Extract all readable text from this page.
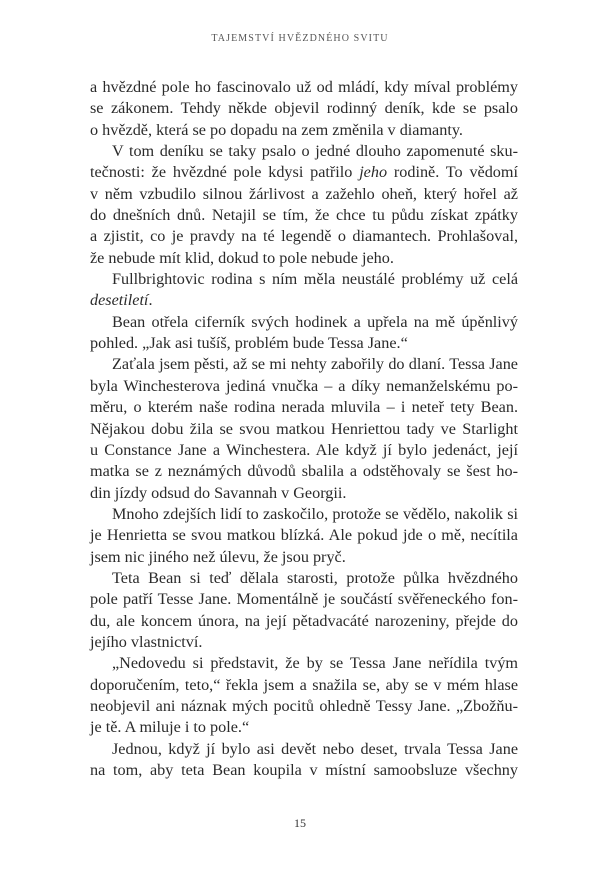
TAJEMSTVÍ HVĚZDNÉHO SVITU
a hvězdné pole ho fascinovalo už od mládí, kdy míval problémy
se zákonem. Tehdy někde objevil rodinný deník, kde se psalo
o hvězdě, která se po dopadu na zem změnila v diamanty.
V tom deníku se taky psalo o jedné dlouho zapomenuté sku-
tečnosti: že hvězdné pole kdysi patřilo jeho rodině. To vědomí
v něm vzbudilo silnou žárlivost a zažehlo oheň, který hořel až
do dnešních dnů. Netajil se tím, že chce tu půdu získat zpátky
a zjistit, co je pravdy na té legendě o diamantech. Prohlašoval,
že nebude mít klid, dokud to pole nebude jeho.
Fullbrightovic rodina s ním měla neustálé problémy už celá
desetiletí.
Bean otřela ciferník svých hodinek a upřela na mě úpěnlivý
pohled. „Jak asi tušíš, problém bude Tessa Jane.“
Zaťala jsem pěsti, až se mi nehty zabořily do dlaní. Tessa Jane
byla Winchesterova jediná vnučka – a díky nemanželskému po-
měru, o kterém naše rodina nerada mluvila – i neteř tety Bean.
Nějakou dobu žila se svou matkou Henriettou tady ve Starlight
u Constance Jane a Winchestera. Ale když jí bylo jedenáct, její
matka se z neznámých důvodů sbalila a odstěhovaly se šest ho-
din jízdy odsud do Savannah v Georgii.
Mnoho zdejších lidí to zaskočilo, protože se vědělo, nakolik si
je Henrietta se svou matkou blízká. Ale pokud jde o mě, necítila
jsem nic jiného než úlevu, že jsou pryč.
Teta Bean si teď dělala starosti, protože půlka hvězdného
pole patří Tesse Jane. Momentálně je součástí svěřeneckého fon-
du, ale koncem února, na její pětadvacáté narozeniny, přejde do
jejího vlastnictví.
„Nedovedu si představit, že by se Tessa Jane neřídila tvým
doporučením, teto,“ řekla jsem a snažila se, aby se v mém hlase
neobjevil ani náznak mých pocitů ohledně Tessy Jane. „Zbožňu-
je tě. A miluje i to pole.“
Jednou, když jí bylo asi devět nebo deset, trvala Tessa Jane
na tom, aby teta Bean koupila v místní samoobsluze všechny
15
